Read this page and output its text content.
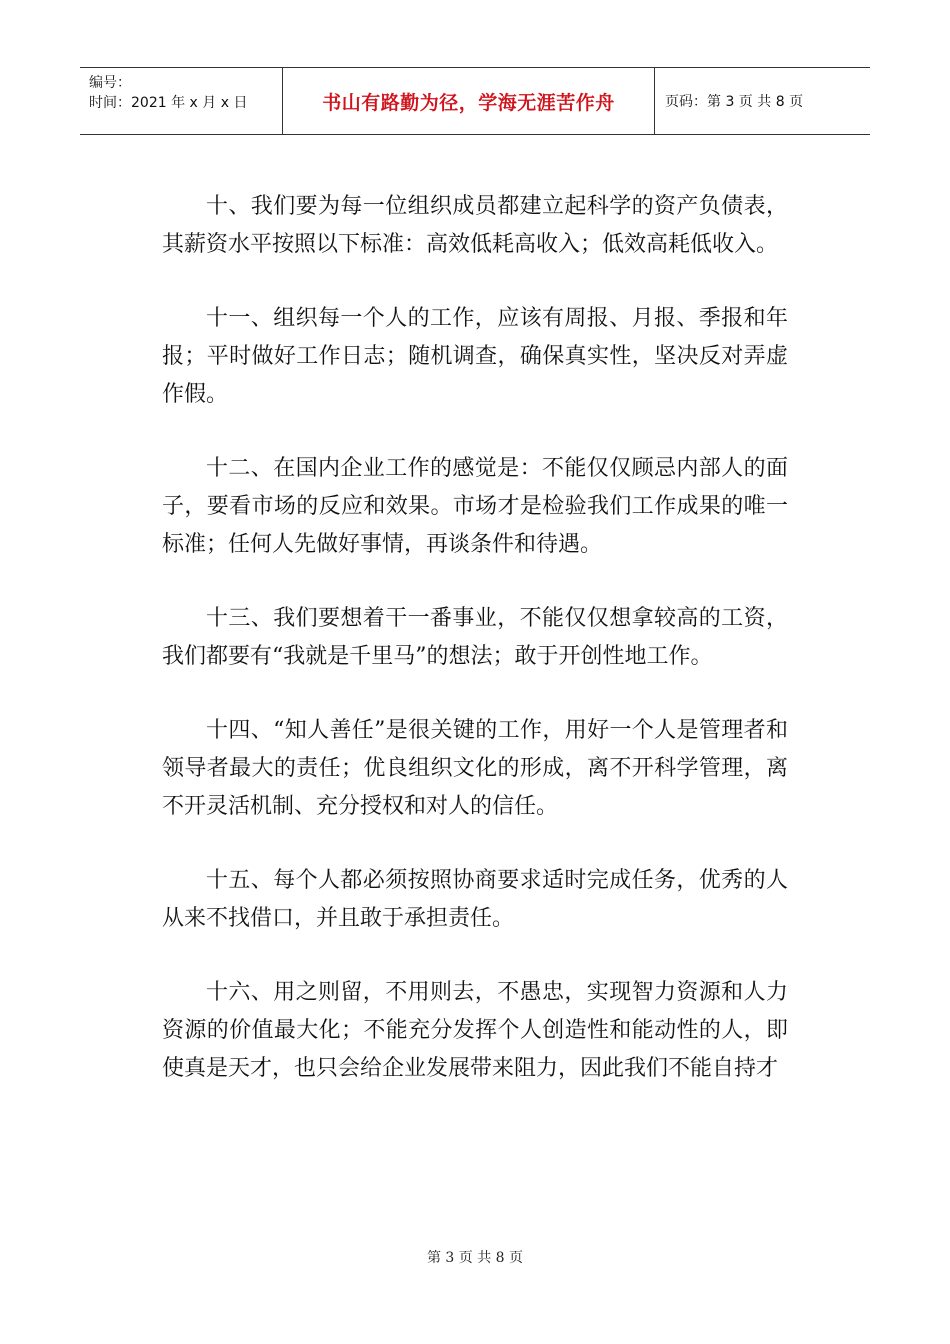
编号：
时间：2021 年 x 月 x 日	书山有路勤为径，学海无涯苦作舟	页码：第 3 页 共 8 页

十、我们要为每一位组织成员都建立起科学的资产负债表，其薪资水平按照以下标准：高效低耗高收入；低效高耗低收入。

十一、组织每一个人的工作，应该有周报、月报、季报和年报；平时做好工作日志；随机调查，确保真实性，坚决反对弄虚作假。

十二、在国内企业工作的感觉是：不能仅仅顾忌内部人的面子，要看市场的反应和效果。市场才是检验我们工作成果的唯一标准；任何人先做好事情，再谈条件和待遇。

十三、我们要想着干一番事业，不能仅仅想拿较高的工资，我们都要有“我就是千里马”的想法；敢于开创性地工作。

十四、“知人善任”是很关键的工作，用好一个人是管理者和领导者最大的责任；优良组织文化的形成，离不开科学管理，离不开灵活机制、充分授权和对人的信任。

十五、每个人都必须按照协商要求适时完成任务，优秀的人从来不找借口，并且敢于承担责任。

十六、用之则留，不用则去，不愚忠，实现智力资源和人力资源的价值最大化；不能充分发挥个人创造性和能动性的人，即使真是天才，也只会给企业发展带来阻力，因此我们不能自持才

第 3 页 共 8 页
